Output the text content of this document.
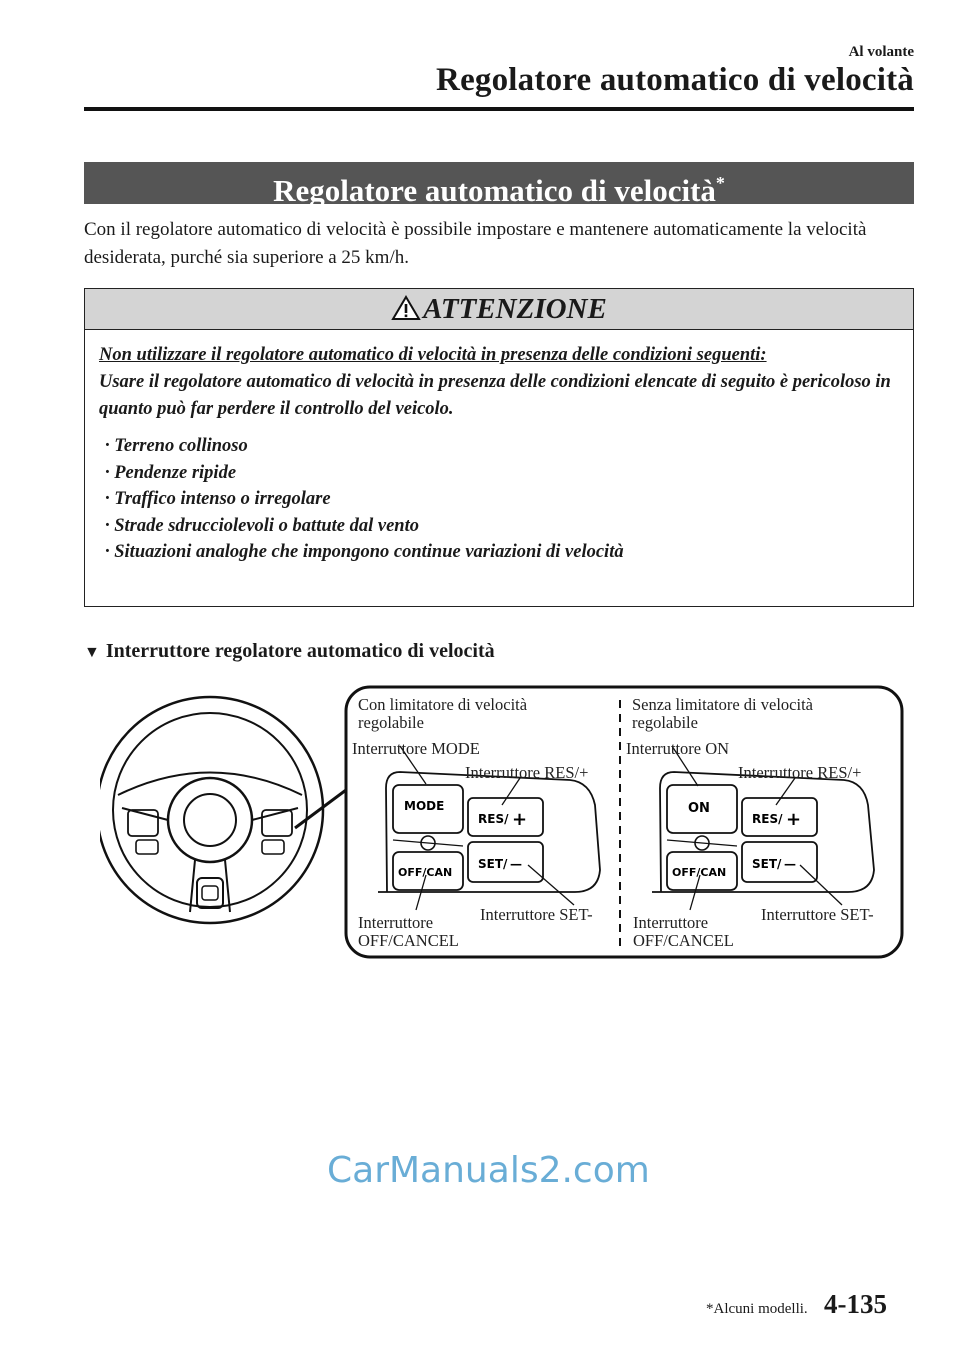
Al volante
Regolatore automatico di velocità
Regolatore automatico di velocità*
Con il regolatore automatico di velocità è possibile impostare e mantenere automaticamente la velocità desiderata, purché sia superiore a 25 km/h.
ATTENZIONE
Non utilizzare il regolatore automatico di velocità in presenza delle condizioni seguenti:
Usare il regolatore automatico di velocità in presenza delle condizioni elencate di seguito è pericoloso in quanto può far perdere il controllo del veicolo.
· Terreno collinoso
· Pendenze ripide
· Traffico intenso o irregolare
· Strade sdrucciolevoli o battute dal vento
· Situazioni analoghe che impongono continue variazioni di velocità
▼ Interruttore regolatore automatico di velocità
MODE
RES/ +
SET/ —
OFF/CAN
ON
RES/ +
SET/ —
OFF/CAN
Con limitatore di velocità
regolabile
Interruttore MODE
Interruttore RES/+
Interruttore SET-
Interruttore
OFF/CANCEL
Senza limitatore di velocità
regolabile
Interruttore ON
Interruttore RES/+
Interruttore SET-
Interruttore
OFF/CANCEL
CarManuals2.com
*Alcuni modelli. 4-135
